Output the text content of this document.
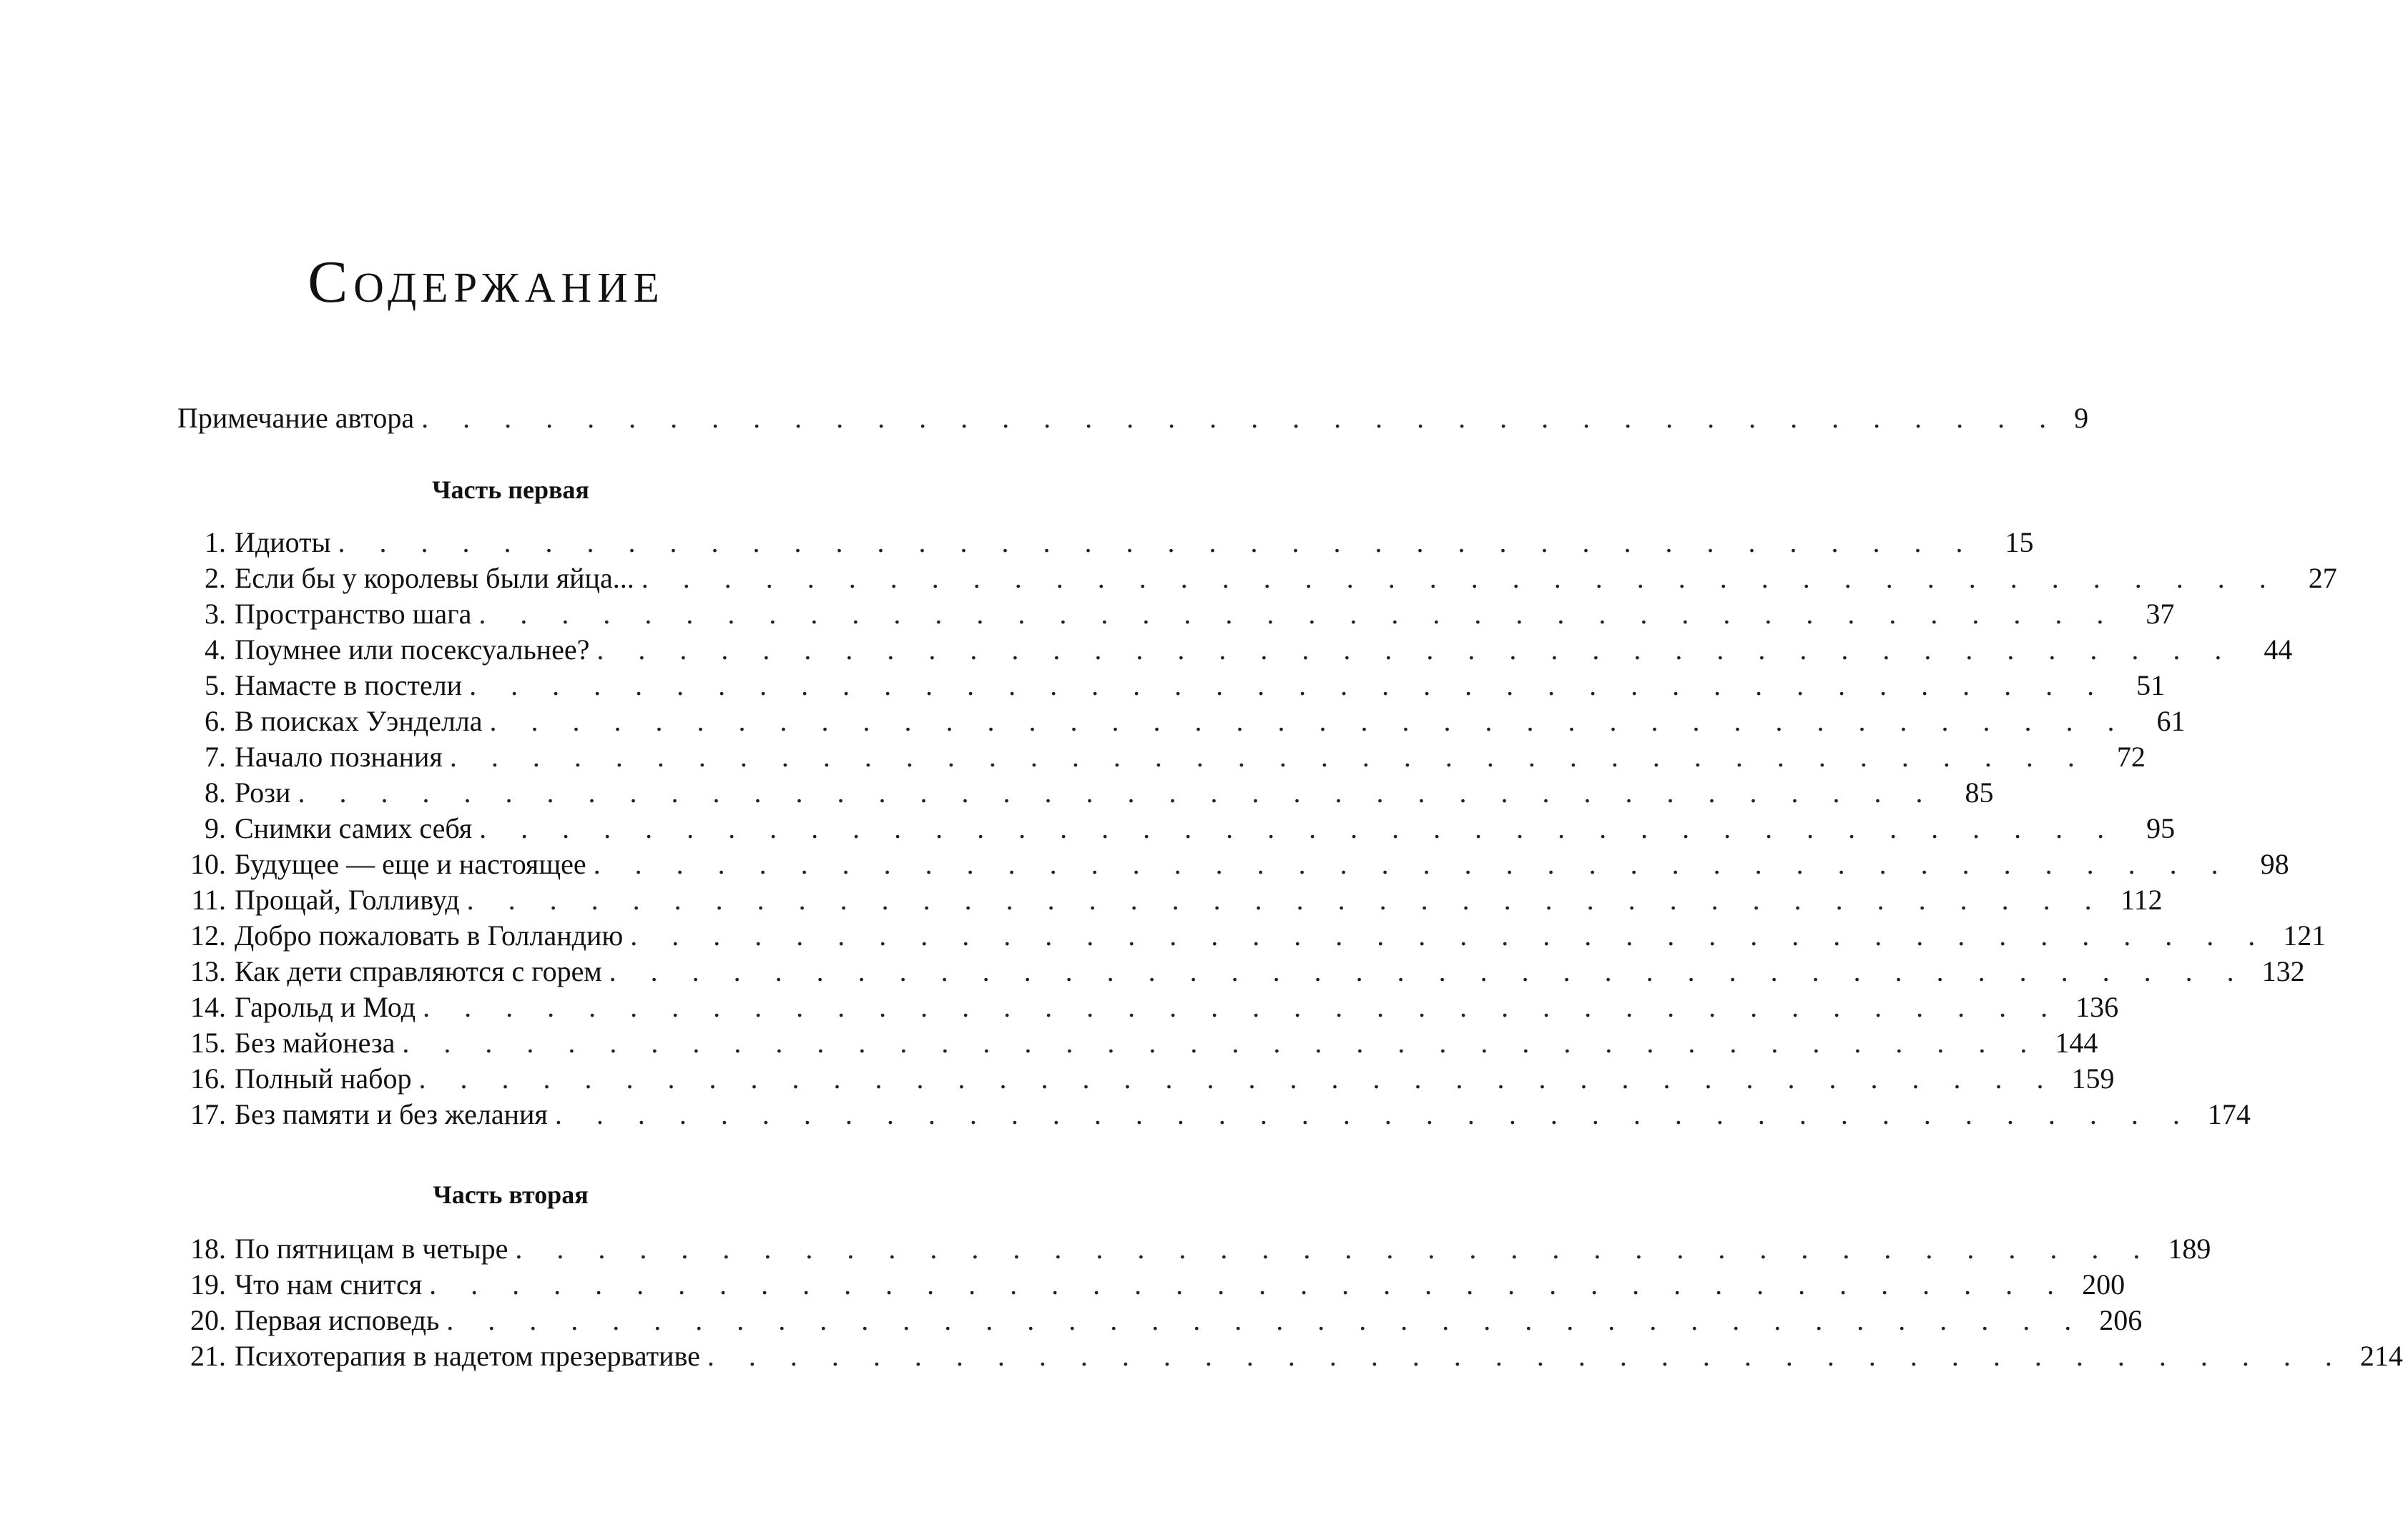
Содержание
Примечание автора . . . . . . . . . . . . . . . . . . . . . . . . . . . . . . . . . . . . . . . . 9
Часть первая
1. Идиоты . . . . . . . . . . . . . . . . . . . . . . . . . . . . . . . . . . . . . . . .	15
2. Если бы у королевы были яйца... . . . . . . . . . . . . . . . . . . . . . . . . . . . . . . . . . . . . . . . .	27
3. Пространство шага . . . . . . . . . . . . . . . . . . . . . . . . . . . . . . . . . . . . . . . .	37
4. Поумнее или посексуальнее? . . . . . . . . . . . . . . . . . . . . . . . . . . . . . . . . . . . . . . . .	44
5. Намасте в постели . . . . . . . . . . . . . . . . . . . . . . . . . . . . . . . . . . . . . . . .	51
6. В поисках Уэнделла . . . . . . . . . . . . . . . . . . . . . . . . . . . . . . . . . . . . . . . .	61
7. Начало познания . . . . . . . . . . . . . . . . . . . . . . . . . . . . . . . . . . . . . . . .	72
8. Рози . . . . . . . . . . . . . . . . . . . . . . . . . . . . . . . . . . . . . . . .	85
9. Снимки самих себя . . . . . . . . . . . . . . . . . . . . . . . . . . . . . . . . . . . . . . . .	95
10. Будущее — еще и настоящее . . . . . . . . . . . . . . . . . . . . . . . . . . . . . . . . . . . . . . . .	98
11. Прощай, Голливуд . . . . . . . . . . . . . . . . . . . . . . . . . . . . . . . . . . . . . . . . 112
12. Добро пожаловать в Голландию . . . . . . . . . . . . . . . . . . . . . . . . . . . . . . . . . . . . . . . . 121
13. Как дети справляются с горем . . . . . . . . . . . . . . . . . . . . . . . . . . . . . . . . . . . . . . . . 132
14. Гарольд и Мод . . . . . . . . . . . . . . . . . . . . . . . . . . . . . . . . . . . . . . . . 136
15. Без майонеза . . . . . . . . . . . . . . . . . . . . . . . . . . . . . . . . . . . . . . . . 144
16. Полный набор . . . . . . . . . . . . . . . . . . . . . . . . . . . . . . . . . . . . . . . . 159
17. Без памяти и без желания . . . . . . . . . . . . . . . . . . . . . . . . . . . . . . . . . . . . . . . . 174
Часть вторая
18. По пятницам в четыре . . . . . . . . . . . . . . . . . . . . . . . . . . . . . . . . . . . . . . . . 189
19. Что нам снится . . . . . . . . . . . . . . . . . . . . . . . . . . . . . . . . . . . . . . . . 200
20. Первая исповедь . . . . . . . . . . . . . . . . . . . . . . . . . . . . . . . . . . . . . . . . 206
21. Психотерапия в надетом презервативе . . . . . . . . . . . . . . . . . . . . . . . . . . . . . . . . . . . . . . . . 214
